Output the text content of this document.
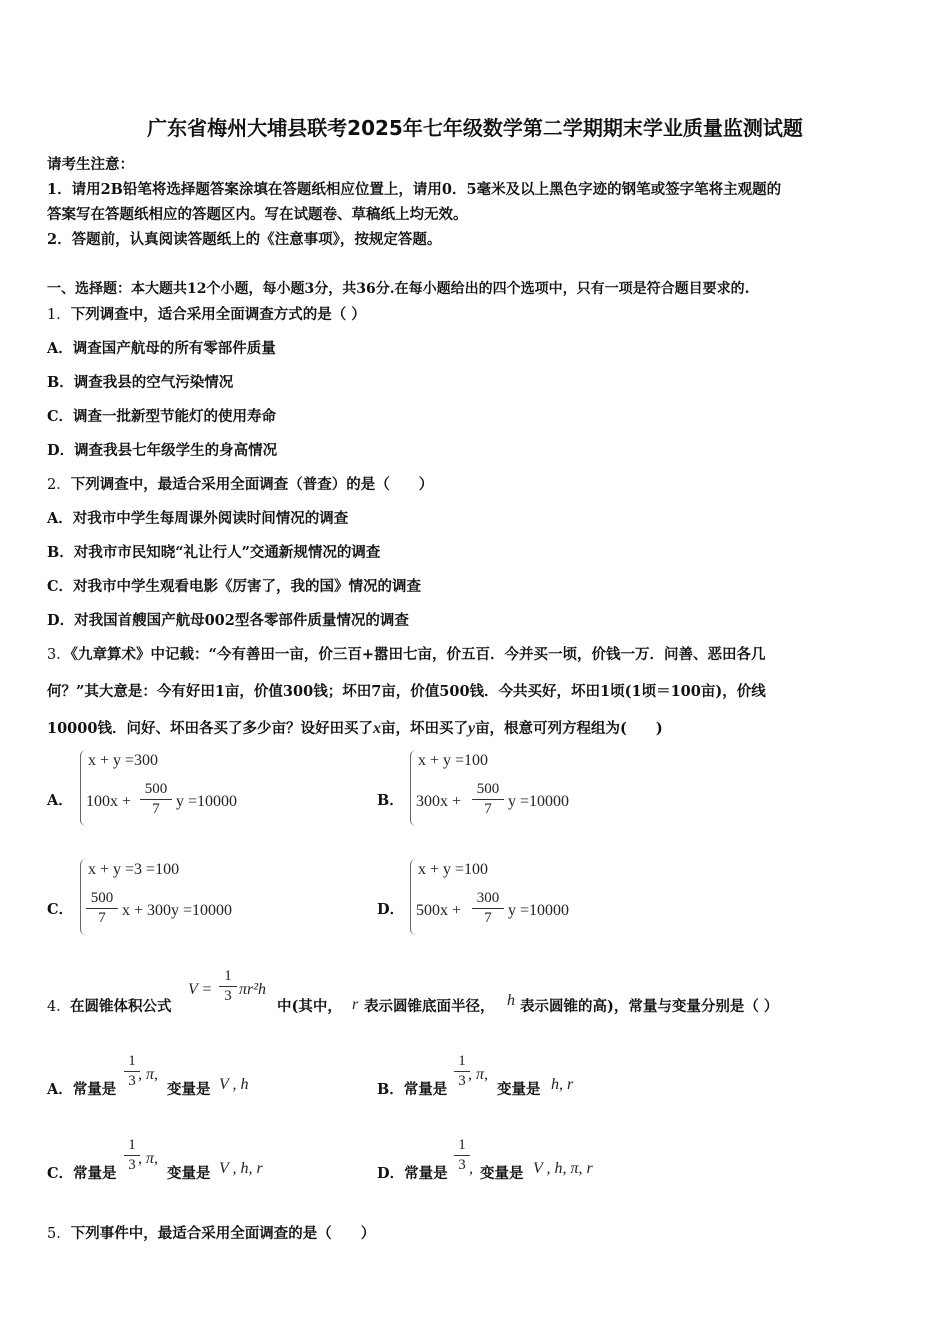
广东省梅州大埔县联考2025年七年级数学第二学期期末学业质量监测试题
请考生注意：
1．请用2B铅笔将选择题答案涂填在答题纸相应位置上，请用0．5毫米及以上黑色字迹的钢笔或签字笔将主观题的
答案写在答题纸相应的答题区内。写在试题卷、草稿纸上均无效。
2．答题前，认真阅读答题纸上的《注意事项》，按规定答题。
一、选择题：本大题共12个小题，每小题3分，共36分.在每小题给出的四个选项中，只有一项是符合题目要求的.
1．下列调查中，适合采用全面调查方式的是（ ）
A．调查国产航母的所有零部件质量
B．调查我县的空气污染情况
C．调查一批新型节能灯的使用寿命
D．调查我县七年级学生的身高情况
2．下列调查中，最适合采用全面调查（普查）的是（　　）
A．对我市中学生每周课外阅读时间情况的调查
B．对我市市民知晓“礼让行人”交通新规情况的调查
C．对我市中学生观看电影《厉害了，我的国》情况的调查
D．对我国首艘国产航母002型各零部件质量情况的调查
3．《九章算术》中记载：“今有善田一亩，价三百+嚣田七亩，价五百．今并买一顷，价钱一万．问善、恶田各几
何？”其大意是：今有好田1亩，价值300钱；坏田7亩，价值500钱．今共买好，坏田1顷(1顷＝100亩)，价线
10000钱．问好、坏田各买了多少亩？设好田买了x亩，坏田买了y亩，根意可列方程组为(　　)
A．
x + y =300
100x +
500
7	y =10000	B．
x + y =100
300x +
500
7	y =10000
C．
x + y =3 =100
500
7	x + 300y =10000	D．
x + y =100
500x +
300
7	y =10000
4． 在圆锥体积公式
V =
1
3 πr²h
中(其中， r 表示圆锥底面半径， h 表示圆锥的高)，常量与变量分别是（ ）
A．常量是
1
3 , π,
变量是 V , h	B．常量是
1
3 , π,
变量是 h, r
C．常量是
1
3 , π,
变量是 V , h, r	D．常量是
1
3 , 变量是 V , h, π, r
5．下列事件中，最适合采用全面调查的是（　　）
